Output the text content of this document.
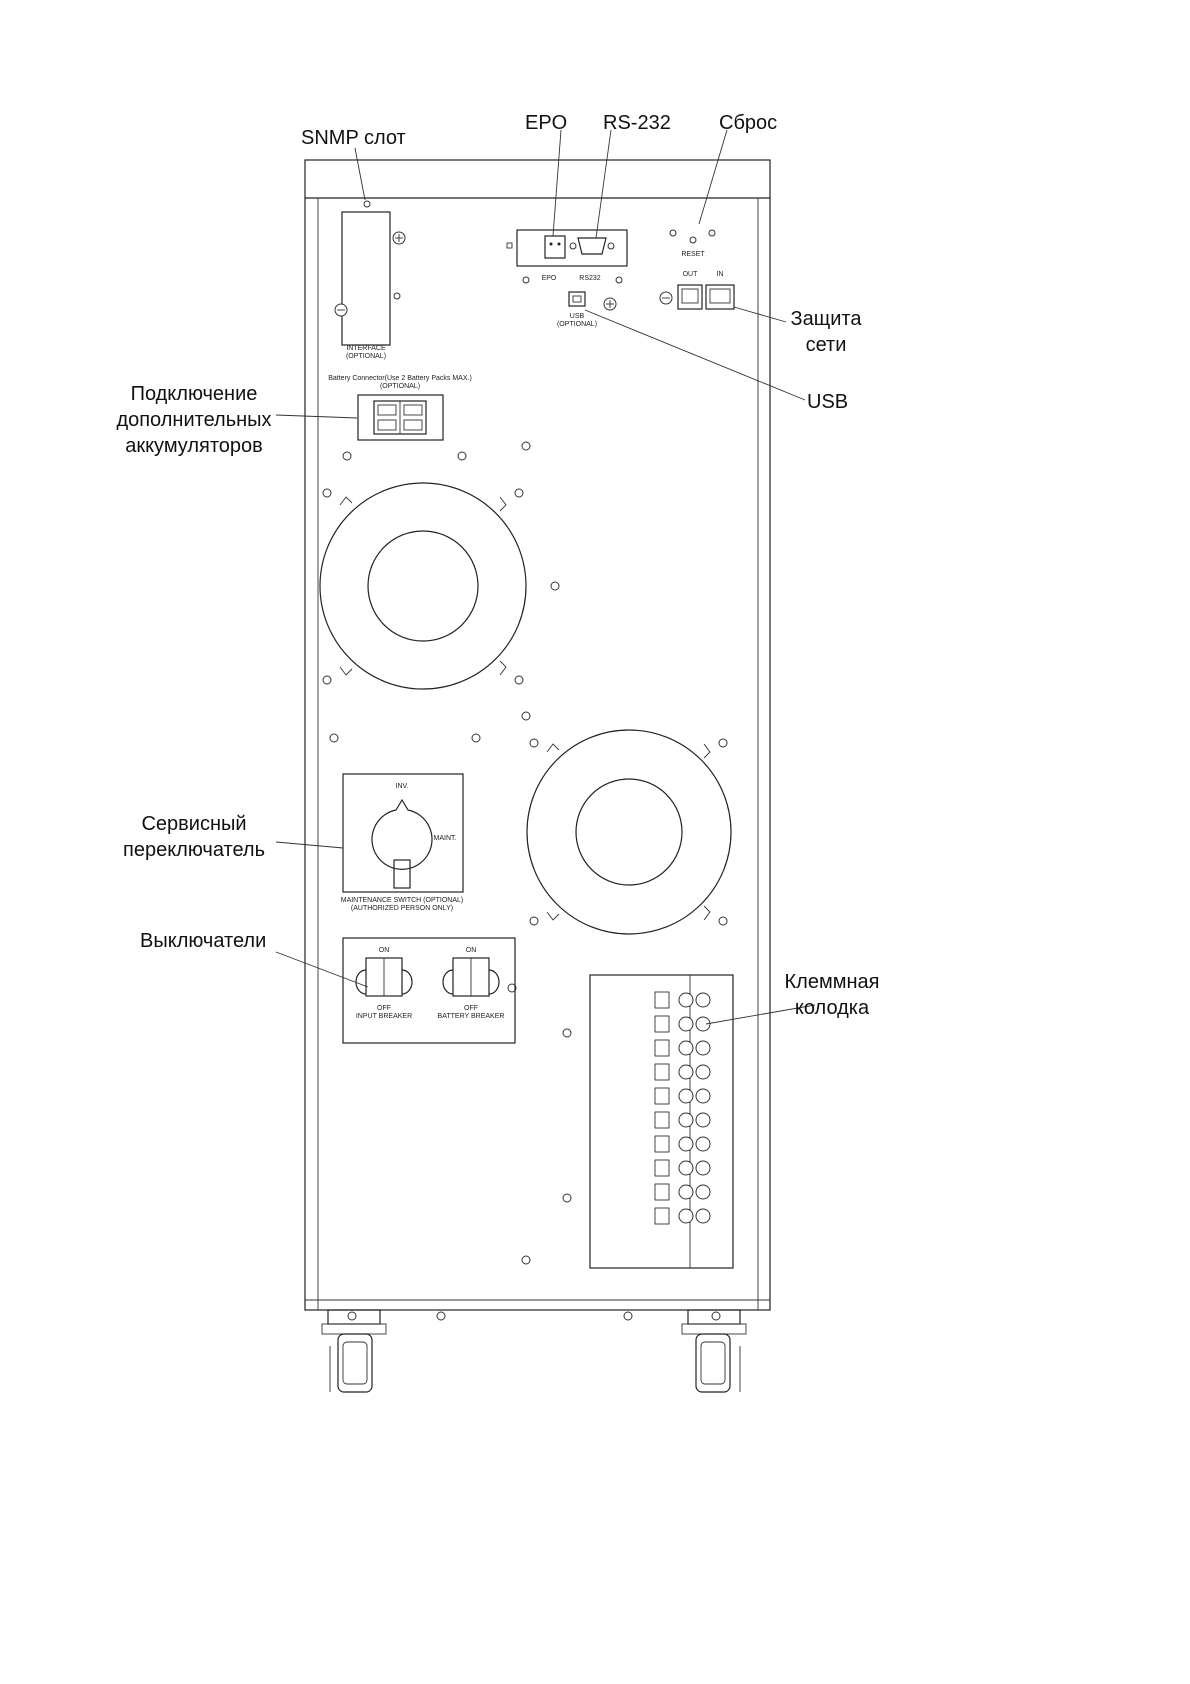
INTERFACE
(OPTIONAL)
EPO	RS232
USB
(OPTIONAL)
RESET
OUT	IN
Battery Connector(Use 2 Battery Packs MAX.)
(OPTIONAL)
INV.
MAINT.
MAINTENANCE SWITCH (OPTIONAL)
(AUTHORIZED PERSON ONLY)
ON
OFF
INPUT BREAKER
ON
OFF
BATTERY BREAKER
SNMP слот
EPO RS-232 Сброс
Защита
сети
USB
Подключение
дополнительных
аккумуляторов
Сервисный
переключатель
Выключатели
Клеммная
колодка
